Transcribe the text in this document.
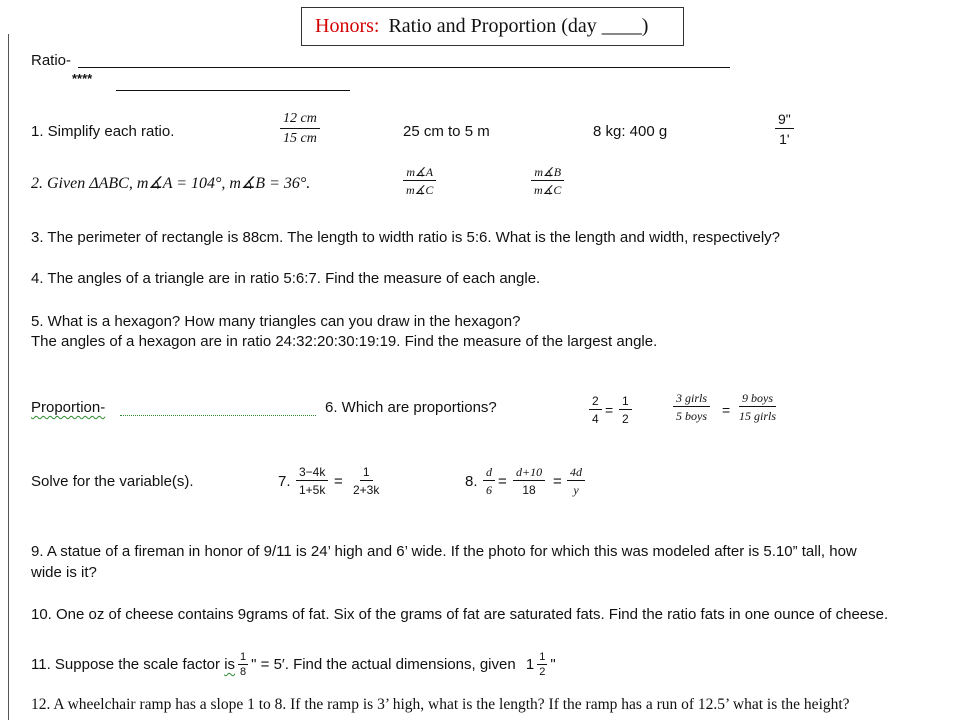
Honors: Ratio and Proportion (day ____)
Ratio-
****
1. Simplify each ratio.	$\frac{12 cm}{15 cm}$	25 cm to 5 m	8 kg: 400 g	$\frac{9"}{1'}$
2. Given ΔABC, m∡A = 104°, m∡B = 36°.	$\frac{m∡A}{m∡C}$	$\frac{m∡B}{m∡C}$
3. The perimeter of rectangle is 88cm. The length to width ratio is 5:6. What is the length and width, respectively?
4. The angles of a triangle are in ratio 5:6:7. Find the measure of each angle.
5. What is a hexagon? How many triangles can you draw in the hexagon?
The angles of a hexagon are in ratio 24:32:20:30:19:19. Find the measure of the largest angle.
Proportion-	6. Which are proportions?	$\frac{2}{4} = \frac{1}{2}$	3 girls
5 boys =
9 boys
15 girls
Solve for the variable(s).	7. $\frac{3-4k}{1+5k} = \frac{1}{2+3k}$	8. $\frac{d}{6} = \frac{d+10}{18} = \frac{4d}{y}$
9. A statue of a fireman in honor of 9/11 is 24’ high and 6’ wide. If the photo for which this was modeled after is 5.10” tall, how
wide is it?
10. One oz of cheese contains 9grams of fat. Six of the grams of fat are saturated fats. Find the ratio fats in one ounce of cheese.
11. Suppose the scale factor is $\frac{1}{8}$ " = 5′. Find the actual dimensions, given $1 \frac{1}{2}$ "
12. A wheelchair ramp has a slope 1 to 8. If the ramp is 3’ high, what is the length? If the ramp has a run of 12.5’ what is the height?
